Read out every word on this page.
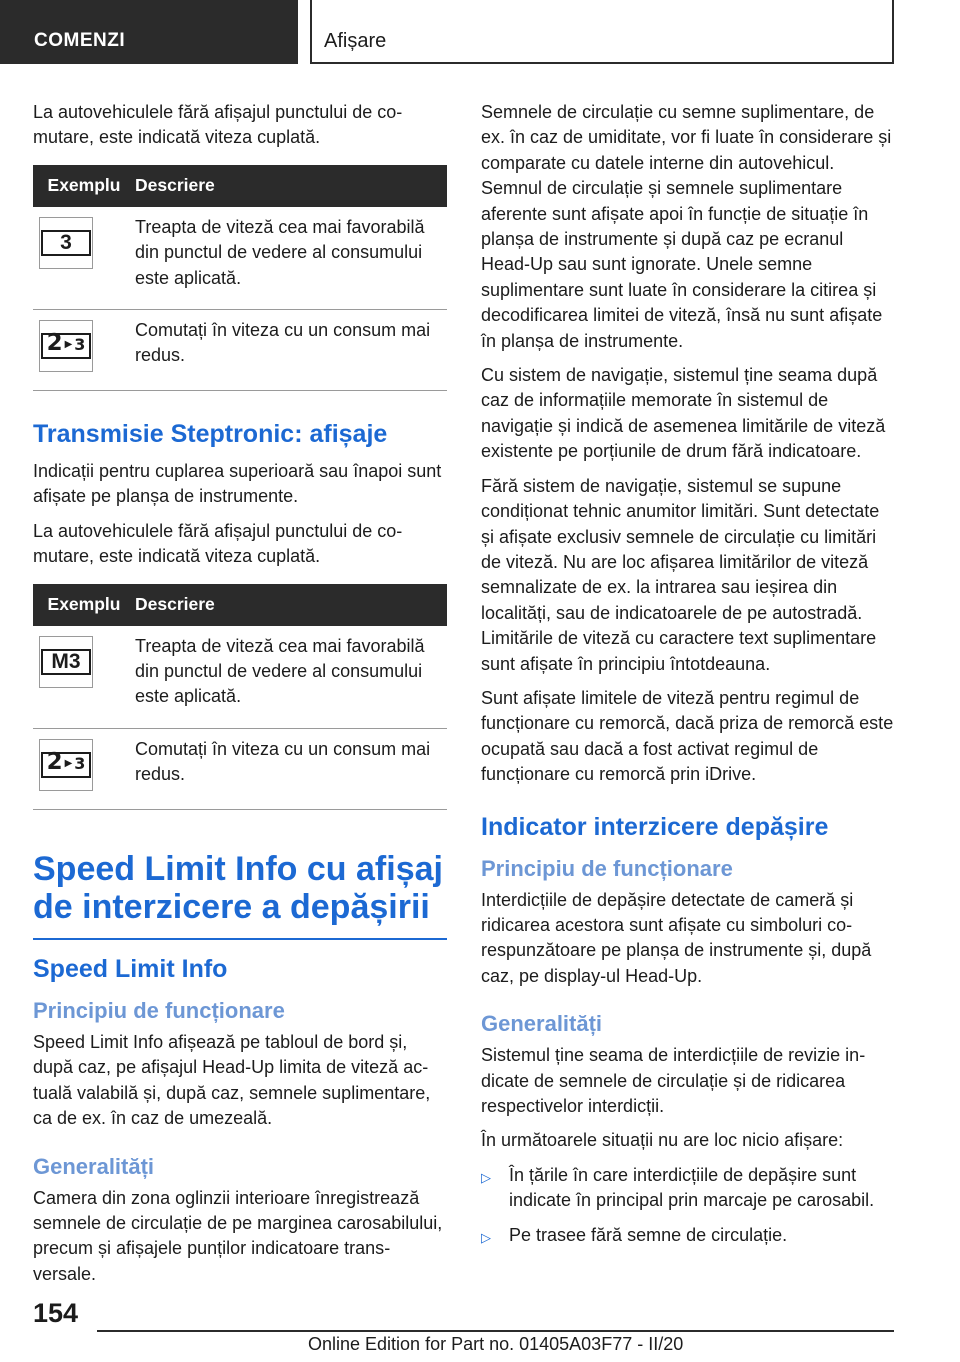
COMENZI	Afișare

La autovehiculele fără afișajul punctului de comutare, este indicată viteza cuplată.

Exemplu	Descriere

3	Treapta de viteză cea mai favorabilă din punctul de vedere al consumului este aplicată.

2 ▶ 3	Comutați în viteza cu un consum mai redus.
Transmisie Steptronic: afișaje

Indicații pentru cuplarea superioară sau înapoi sunt afișate pe planșa de instrumente.

La autovehiculele fără afișajul punctului de comutare, este indicată viteza cuplată.

Exemplu	Descriere

M3	Treapta de viteză cea mai favorabilă din punctul de vedere al consumului este aplicată.

2 ▶ 3	Comutați în viteza cu un consum mai redus.
Speed Limit Info cu afișaj de interzicere a depășirii
Speed Limit Info
Principiu de funcționare

Speed Limit Info afișează pe tabloul de bord și, după caz, pe afișajul Head-Up limita de viteză actuală valabilă și, după caz, semnele suplimentare, ca de ex. în caz de umezeală.

Generalități

Camera din zona oglinzii interioare înregistrează semnele de circulație de pe marginea carosabilului, precum și afișajele punților indicatoare transversale.

Semnele de circulație cu semne suplimentare, de ex. în caz de umiditate, vor fi luate în considerare și comparate cu datele interne din autovehicul. Semnul de circulație și semnele suplimentare aferente sunt afișate apoi în funcție de situație în planșa de instrumente și după caz pe ecranul Head-Up sau sunt ignorate. Unele semne suplimentare sunt luate în considerare la citirea și decodificarea limitei de viteză, însă nu sunt afișate în planșa de instrumente.

Cu sistem de navigație, sistemul ține seama după caz de informațiile memorate în sistemul de navigație și indică de asemenea limitările de viteză existente pe porțiunile de drum fără indicatoare.

Fără sistem de navigație, sistemul se supune condiționat tehnic anumitor limitări. Sunt detectate și afișate exclusiv semnele de circulație cu limitări de viteză. Nu are loc afișarea limitărilor de viteză semnalizate de ex. la intrarea sau ieșirea din localități, sau de indicatoarele de pe autostradă. Limitările de viteză cu caractere text suplimentare sunt afișate în principiu întotdeauna.

Sunt afișate limitele de viteză pentru regimul de funcționare cu remorcă, dacă priza de remorcă este ocupată sau dacă a fost activat regimul de funcționare cu remorcă prin iDrive.

Indicator interzicere depășire
Principiu de funcționare

Interdicțiile de depășire detectate de cameră și ridicarea acestora sunt afișate cu simboluri corespunzătoare pe planșa de instrumente și, după caz, pe display-ul Head-Up.

Generalități

Sistemul ține seama de interdicțiile de revizie indicate de semnele de circulație și de ridicarea respectivelor interdicții.

În următoarele situații nu are loc nicio afișare:

▷	În țările în care interdicțiile de depășire sunt indicate în principal prin marcaje pe carosabil.
▷	Pe trasee fără semne de circulație.
154
Online Edition for Part no. 01405A03F77 - II/20
